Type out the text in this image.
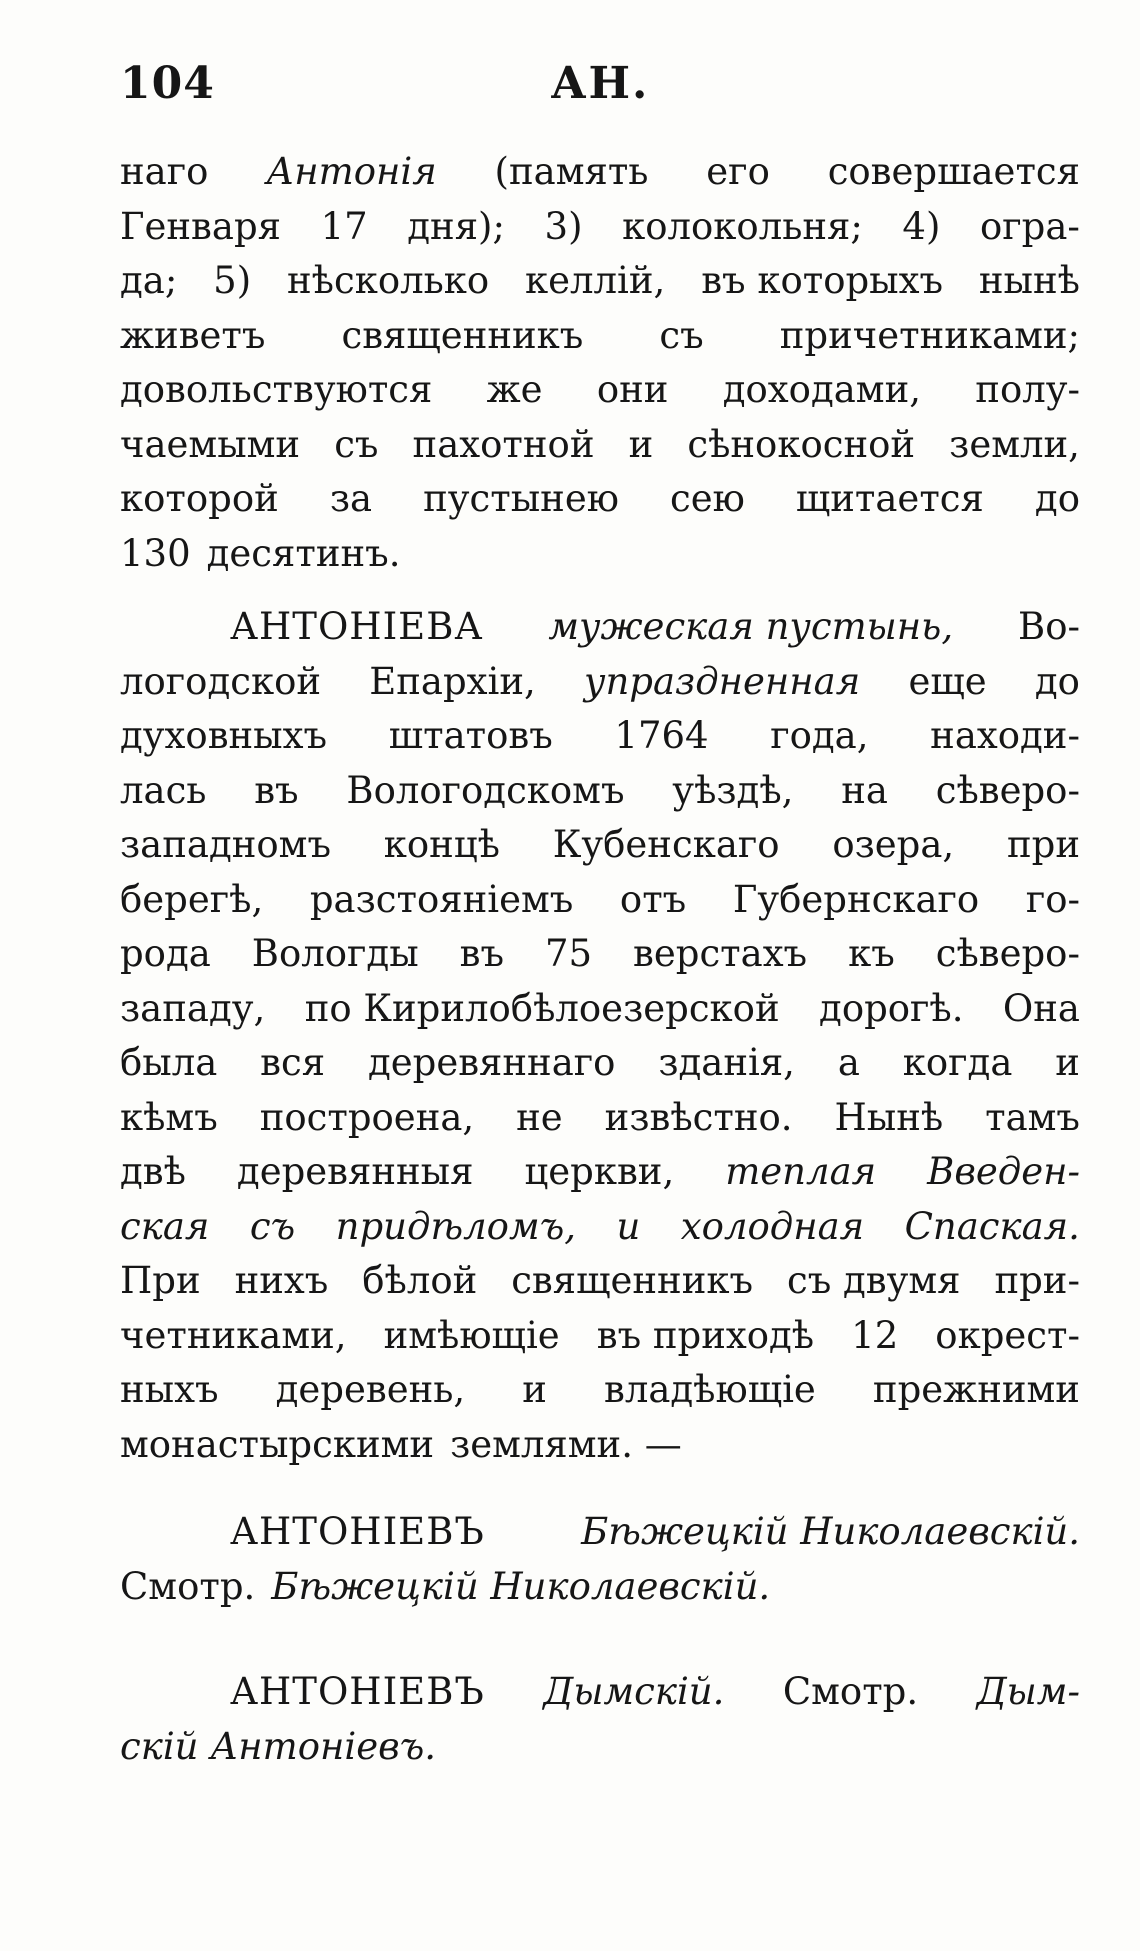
104	АН.
наго Антонія (память его совершается
Генваря 17 дня); 3) колокольня; 4) огра-
да; 5) нѣсколько келлій, въ которыхъ нынѣ
живетъ священникъ съ причетниками;
довольствуются же они доходами, полу-
чаемыми съ пахотной и сѣнокосной земли,
которой за пустынею сею щитается до
130 десятинъ.
АНТОНІЕВА мужеская пустынь, Во-
логодской Епархіи, упраздненная еще до
духовныхъ штатовъ 1764 года, находи-
лась въ Вологодскомъ уѣздѣ, на сѣверо-
западномъ концѣ Кубенскаго озера, при
берегѣ, разстояніемъ отъ Губернскаго го-
рода Вологды въ 75 верстахъ къ сѣверо-
западу, по Кирилобѣлоезерской дорогѣ. Она
была вся деревяннаго зданія, а когда и
кѣмъ построена, не извѣстно. Нынѣ тамъ
двѣ деревянныя церкви, теплая Введен-
ская съ придѣломъ, и холодная Спаская.
При нихъ бѣлой священникъ съ двумя при-
четниками, имѣющіе въ приходѣ 12 окрест-
ныхъ деревень, и владѣющіе прежними
монастырскими землями. —
АНТОНІЕВЪ	Бѣжецкій Николаевскій.
Смотр. Бѣжецкій Николаевскій.
АНТОНІЕВЪ Дымскій. Смотр. Дым-
скій Антоніевъ.
